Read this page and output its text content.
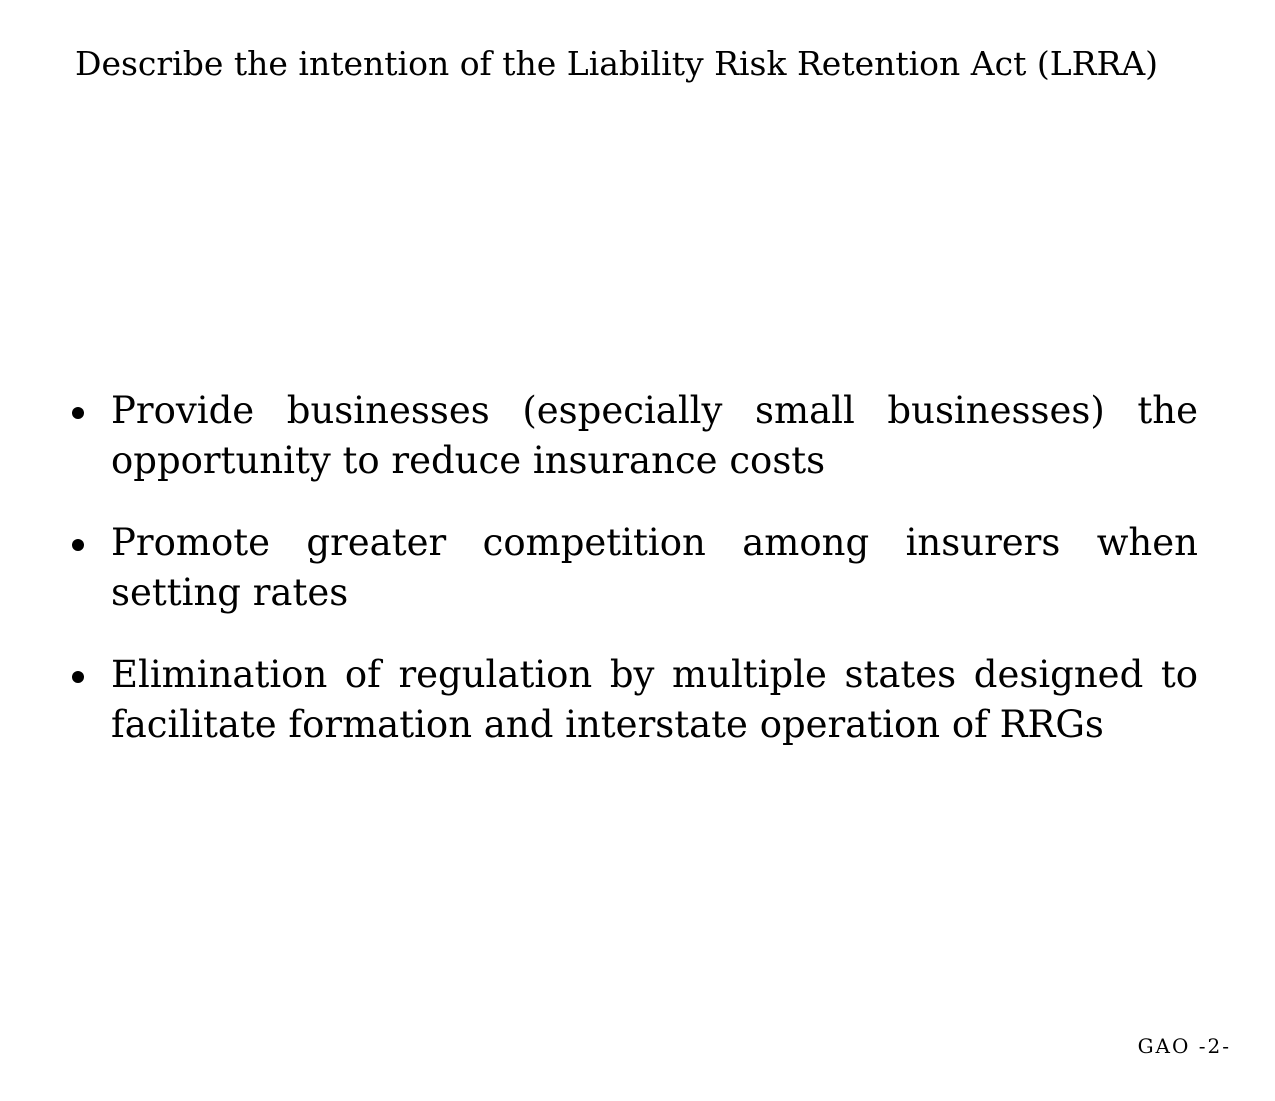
Describe the intention of the Liability Risk Retention Act (LRRA)
Provide businesses (especially small businesses) the opportunity to reduce insurance costs
Promote greater competition among insurers when setting rates
Elimination of regulation by multiple states designed to facilitate formation and interstate operation of RRGs
GAO -2-
